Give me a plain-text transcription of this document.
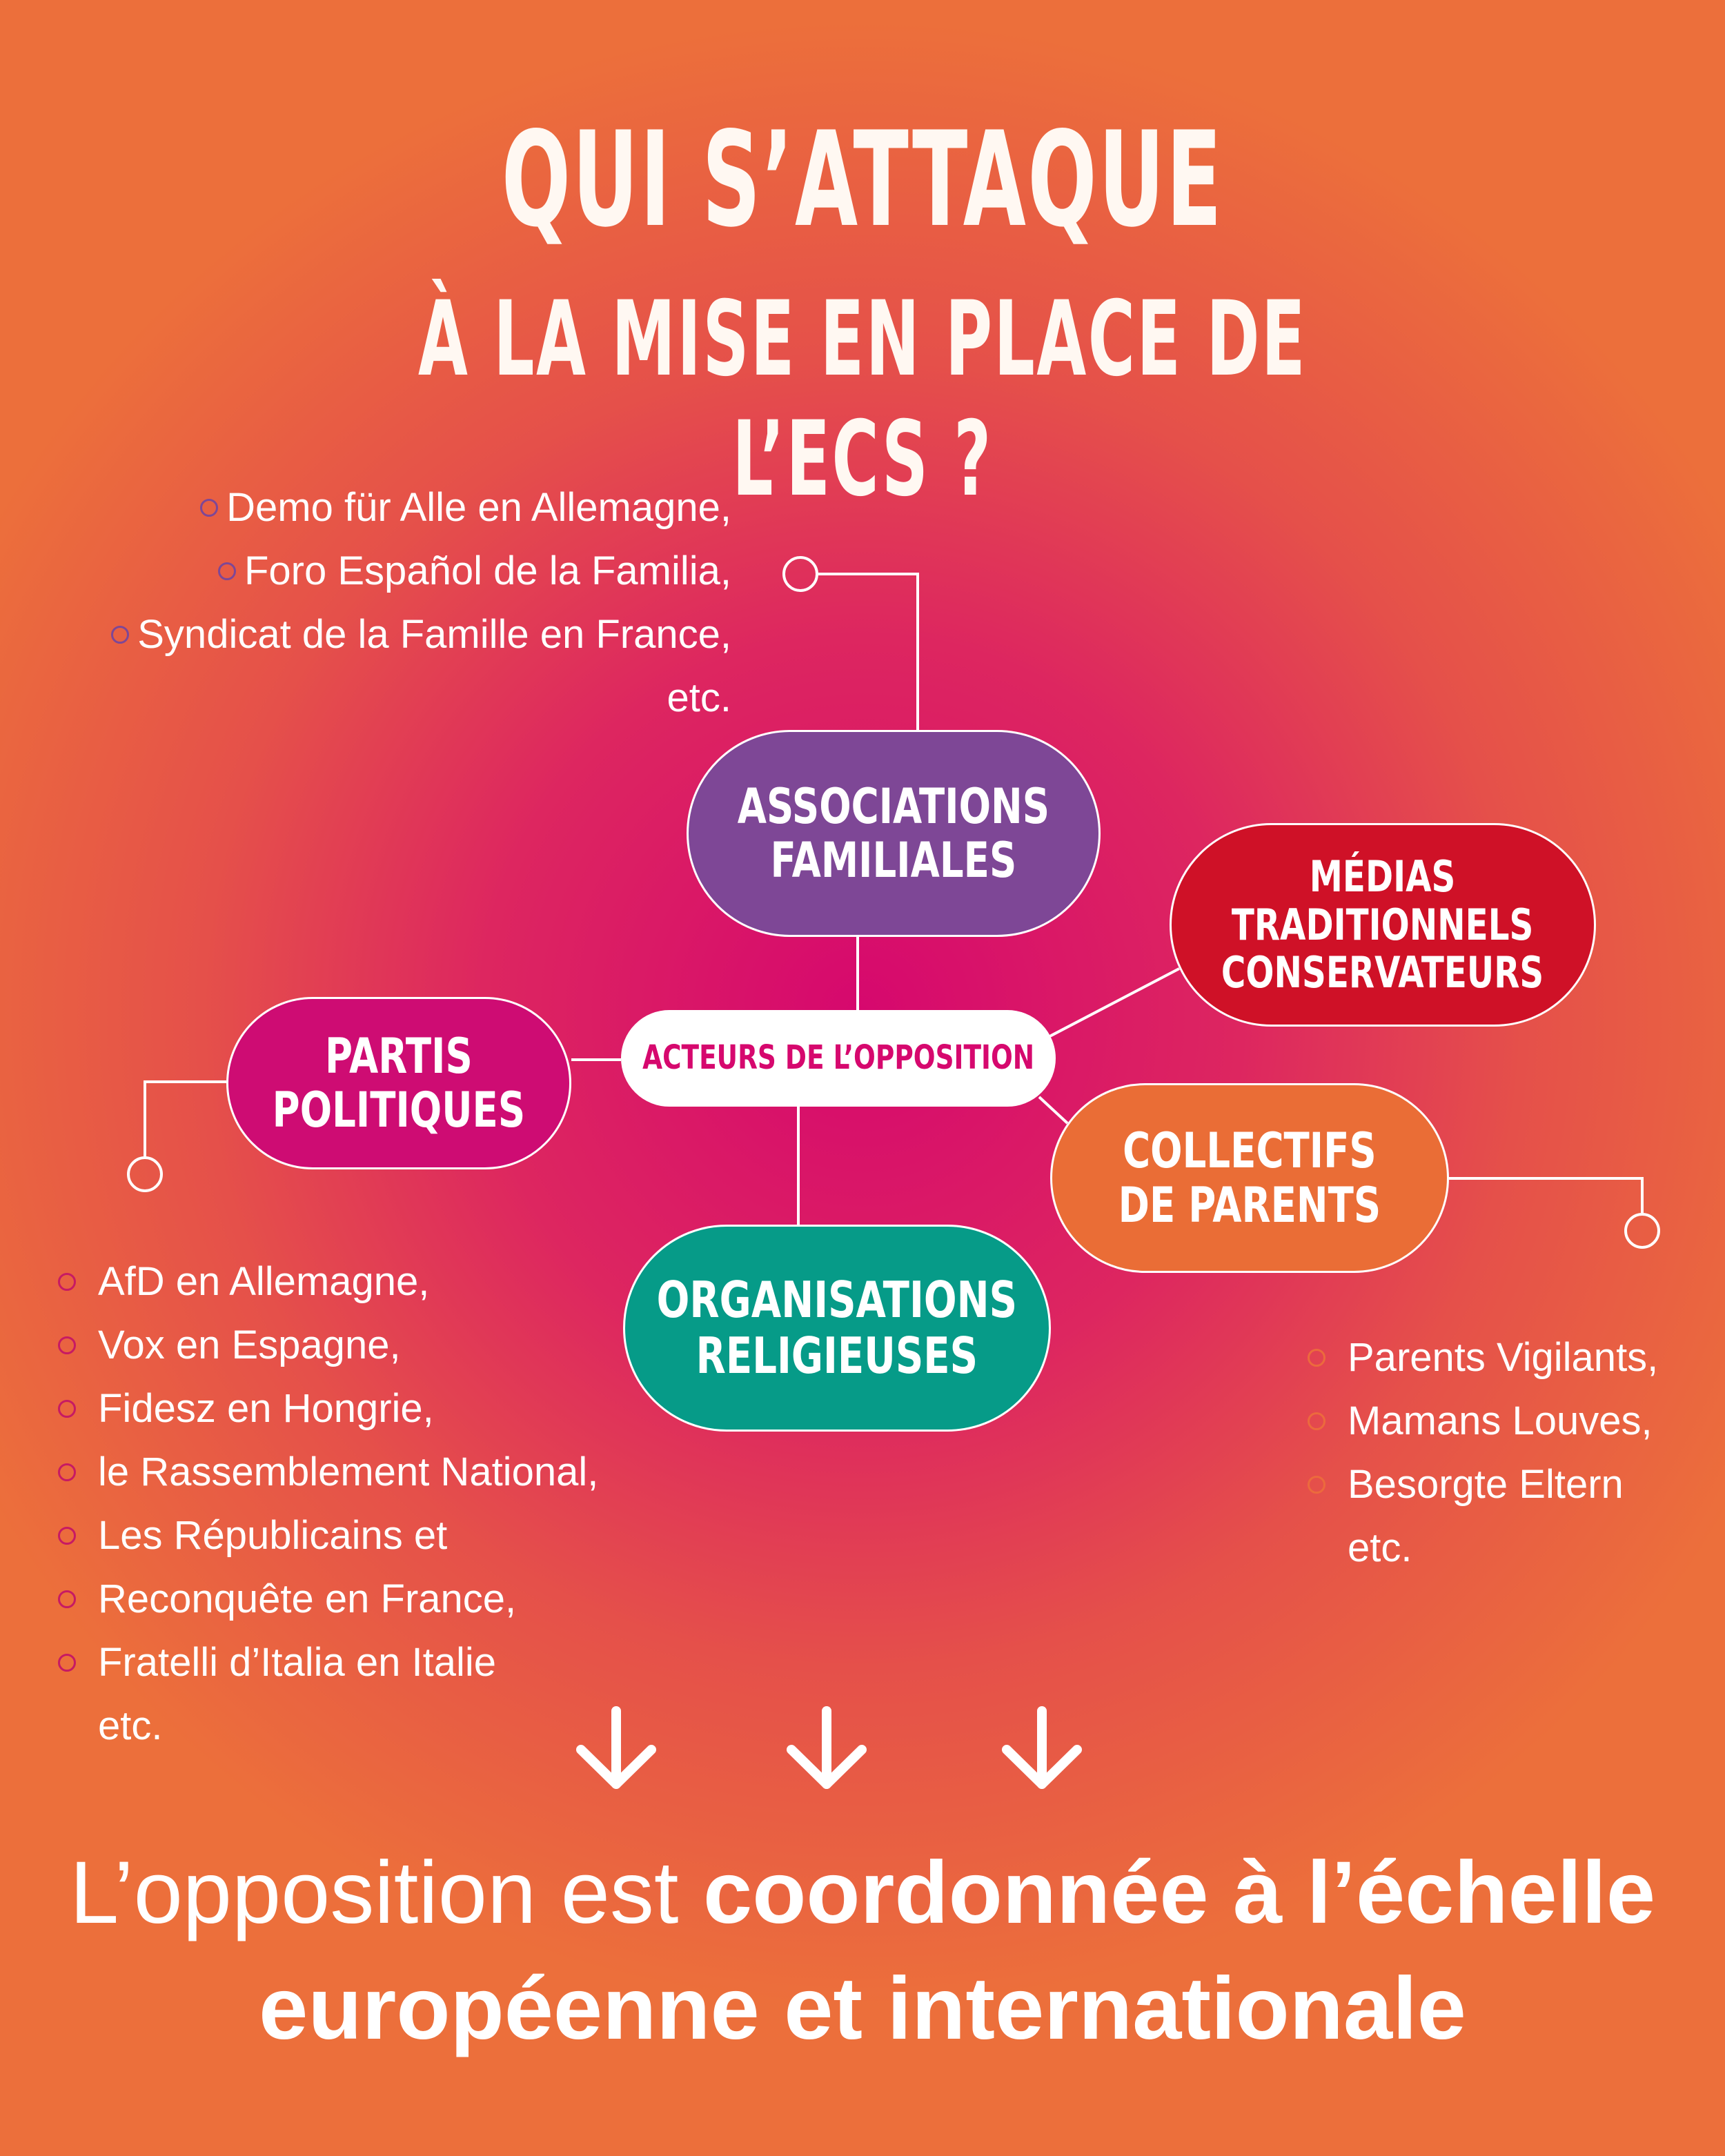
QUI S’ATTAQUE
À LA MISE EN PLACE DE L’ECS ?
ASSOCIATIONS
FAMILIALES	MÉDIAS
TRADITIONNELS
CONSERVATEURS
PARTIS
POLITIQUES
ACTEURS DE L’OPPOSITION
COLLECTIFS
DE PARENTS
ORGANISATIONS
RELIGIEUSES
Demo für Alle en Allemagne,
Foro Español de la Familia,
Syndicat de la Famille en France,
etc.
AfD en Allemagne,
Vox en Espagne,
Fidesz en Hongrie,
le Rassemblement National,
Les Républicains et
Reconquête en France,
Fratelli d’Italia en Italie
etc.
Parents Vigilants,
Mamans Louves,
Besorgte Eltern
etc.
L’opposition est coordonnée à l’échelle
européenne et internationale
